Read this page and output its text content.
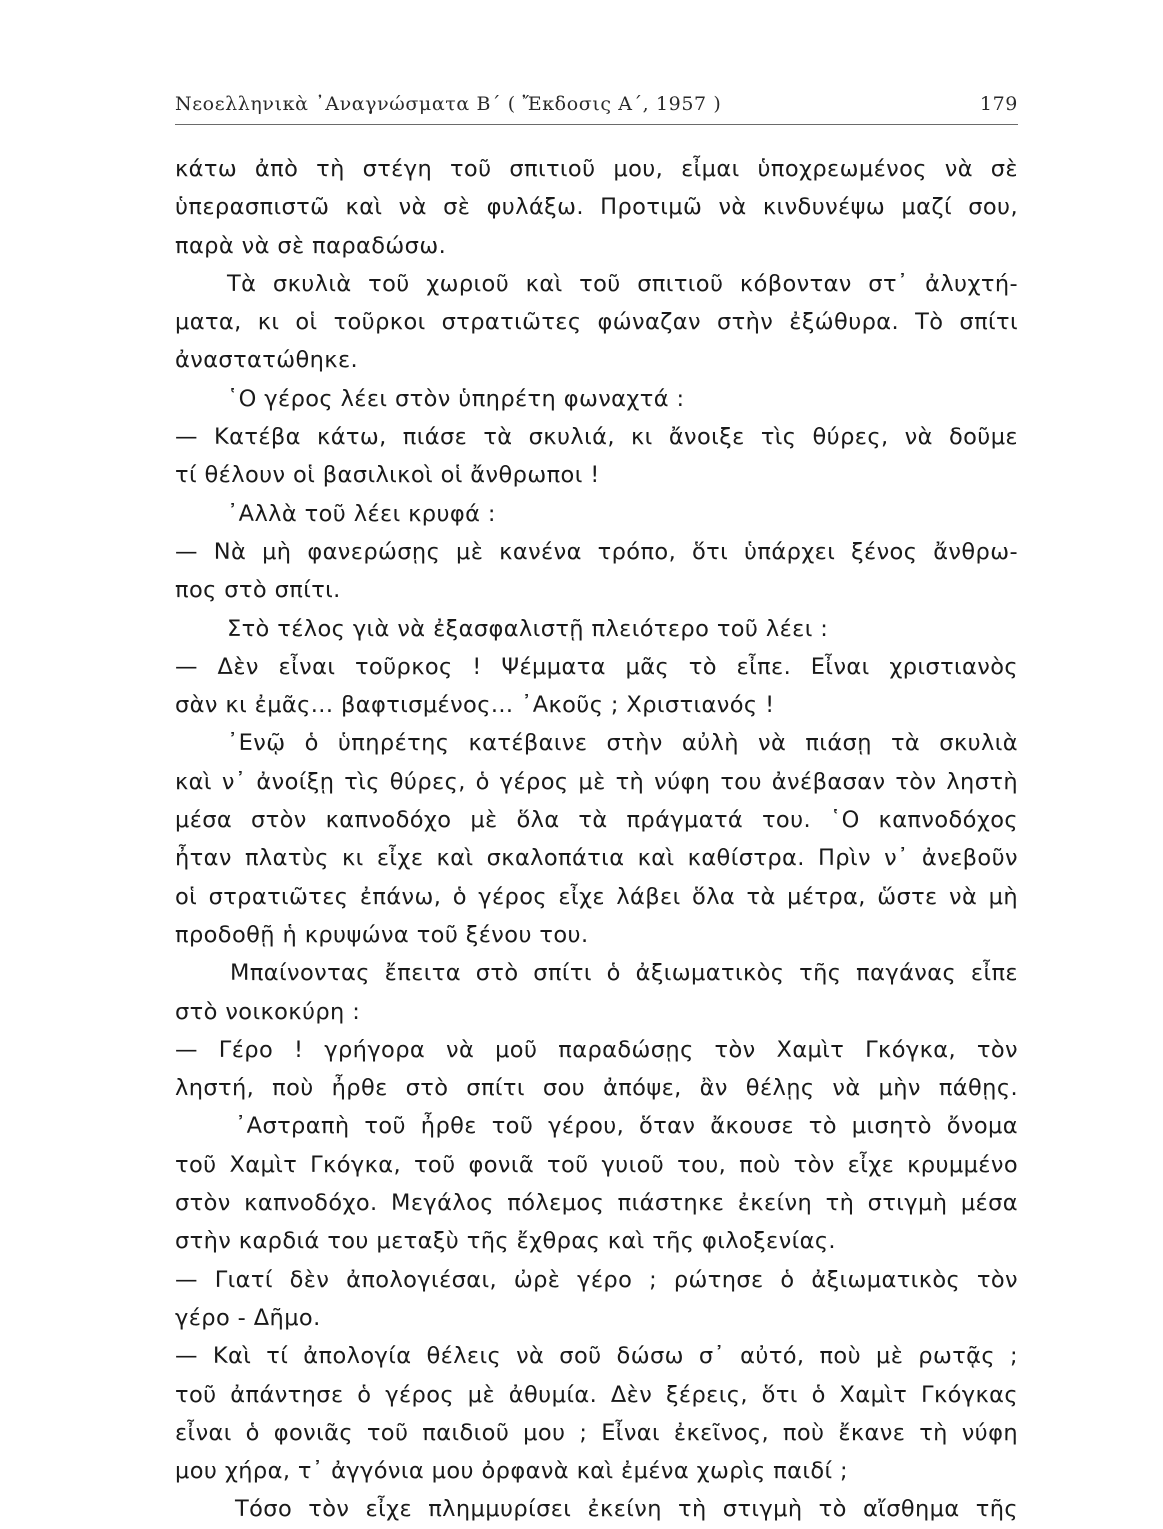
Νεοελληνικὰ ᾿Αναγνώσματα Β΄ ( Ἔκδοσις Α΄, 1957 )	179
κάτω ἀπὸ τὴ στέγη τοῦ σπιτιοῦ μου, εἶμαι ὑποχρεωμένος νὰ σὲ
ὑπερασπιστῶ καὶ νὰ σὲ φυλάξω. Προτιμῶ νὰ κινδυνέψω μαζί σου,
παρὰ νὰ σὲ παραδώσω.
Τὰ σκυλιὰ τοῦ χωριοῦ καὶ τοῦ σπιτιοῦ κόβονταν στ᾿ ἀλυχτή-
ματα, κι οἱ τοῦρκοι στρατιῶτες φώναζαν στὴν ἐξώθυρα. Τὸ σπίτι
ἀναστατώθηκε.
῾Ο γέρος λέει στὸν ὑπηρέτη φωναχτά :
— Κατέβα κάτω, πιάσε τὰ σκυλιά, κι ἄνοιξε τὶς θύρες, νὰ δοῦμε
τί θέλουν οἱ βασιλικοὶ οἱ ἄνθρωποι !
᾿Αλλὰ τοῦ λέει κρυφά :
— Νὰ μὴ φανερώσῃς μὲ κανένα τρόπο, ὅτι ὑπάρχει ξένος ἄνθρω-
πος στὸ σπίτι.
Στὸ τέλος γιὰ νὰ ἐξασφαλιστῇ πλειότερο τοῦ λέει :
— Δὲν εἶναι τοῦρκος ! Ψέμματα μᾶς τὸ εἶπε. Εἶναι χριστιανὸς
σὰν κι ἐμᾶς... βαφτισμένος... ᾿Ακοῦς ; Χριστιανός !
᾿Ενῷ ὁ ὑπηρέτης κατέβαινε στὴν αὐλὴ νὰ πιάσῃ τὰ σκυλιὰ
καὶ ν᾿ ἀνοίξῃ τὶς θύρες, ὁ γέρος μὲ τὴ νύφη του ἀνέβασαν τὸν ληστὴ
μέσα στὸν καπνοδόχο μὲ ὅλα τὰ πράγματά του. ῾Ο καπνοδόχος
ἦταν πλατὺς κι εἶχε καὶ σκαλοπάτια καὶ καθίστρα. Πρὶν ν᾿ ἀνεβοῦν
οἱ στρατιῶτες ἐπάνω, ὁ γέρος εἶχε λάβει ὅλα τὰ μέτρα, ὥστε νὰ μὴ
προδοθῇ ἡ κρυψώνα τοῦ ξένου του.
Μπαίνοντας ἔπειτα στὸ σπίτι ὁ ἀξιωματικὸς τῆς παγάνας εἶπε
στὸ νοικοκύρη :
— Γέρο ! γρήγορα νὰ μοῦ παραδώσῃς τὸν Χαμὶτ Γκόγκα, τὸν
ληστή, ποὺ ἦρθε στὸ σπίτι σου ἀπόψε, ἂν θέλῃς νὰ μὴν πάθῃς.
᾿Αστραπὴ τοῦ ἦρθε τοῦ γέρου, ὅταν ἄκουσε τὸ μισητὸ ὄνομα
τοῦ Χαμὶτ Γκόγκα, τοῦ φονιᾶ τοῦ γυιοῦ του, ποὺ τὸν εἶχε κρυμμένο
στὸν καπνοδόχο. Μεγάλος πόλεμος πιάστηκε ἐκείνη τὴ στιγμὴ μέσα
στὴν καρδιά του μεταξὺ τῆς ἔχθρας καὶ τῆς φιλοξενίας.
— Γιατί δὲν ἀπολογιέσαι, ὠρὲ γέρο ; ρώτησε ὁ ἀξιωματικὸς τὸν
γέρο - Δῆμο.
— Καὶ τί ἀπολογία θέλεις νὰ σοῦ δώσω σ᾿ αὐτό, ποὺ μὲ ρωτᾷς ;
τοῦ ἀπάντησε ὁ γέρος μὲ ἀθυμία. Δὲν ξέρεις, ὅτι ὁ Χαμὶτ Γκόγκας
εἶναι ὁ φονιᾶς τοῦ παιδιοῦ μου ; Εἶναι ἐκεῖνος, ποὺ ἔκανε τὴ νύφη
μου χήρα, τ᾿ ἀγγόνια μου ὀρφανὰ καὶ ἐμένα χωρὶς παιδί ;
Τόσο τὸν εἶχε πλημμυρίσει ἐκείνη τὴ στιγμὴ τὸ αἴσθημα τῆς
